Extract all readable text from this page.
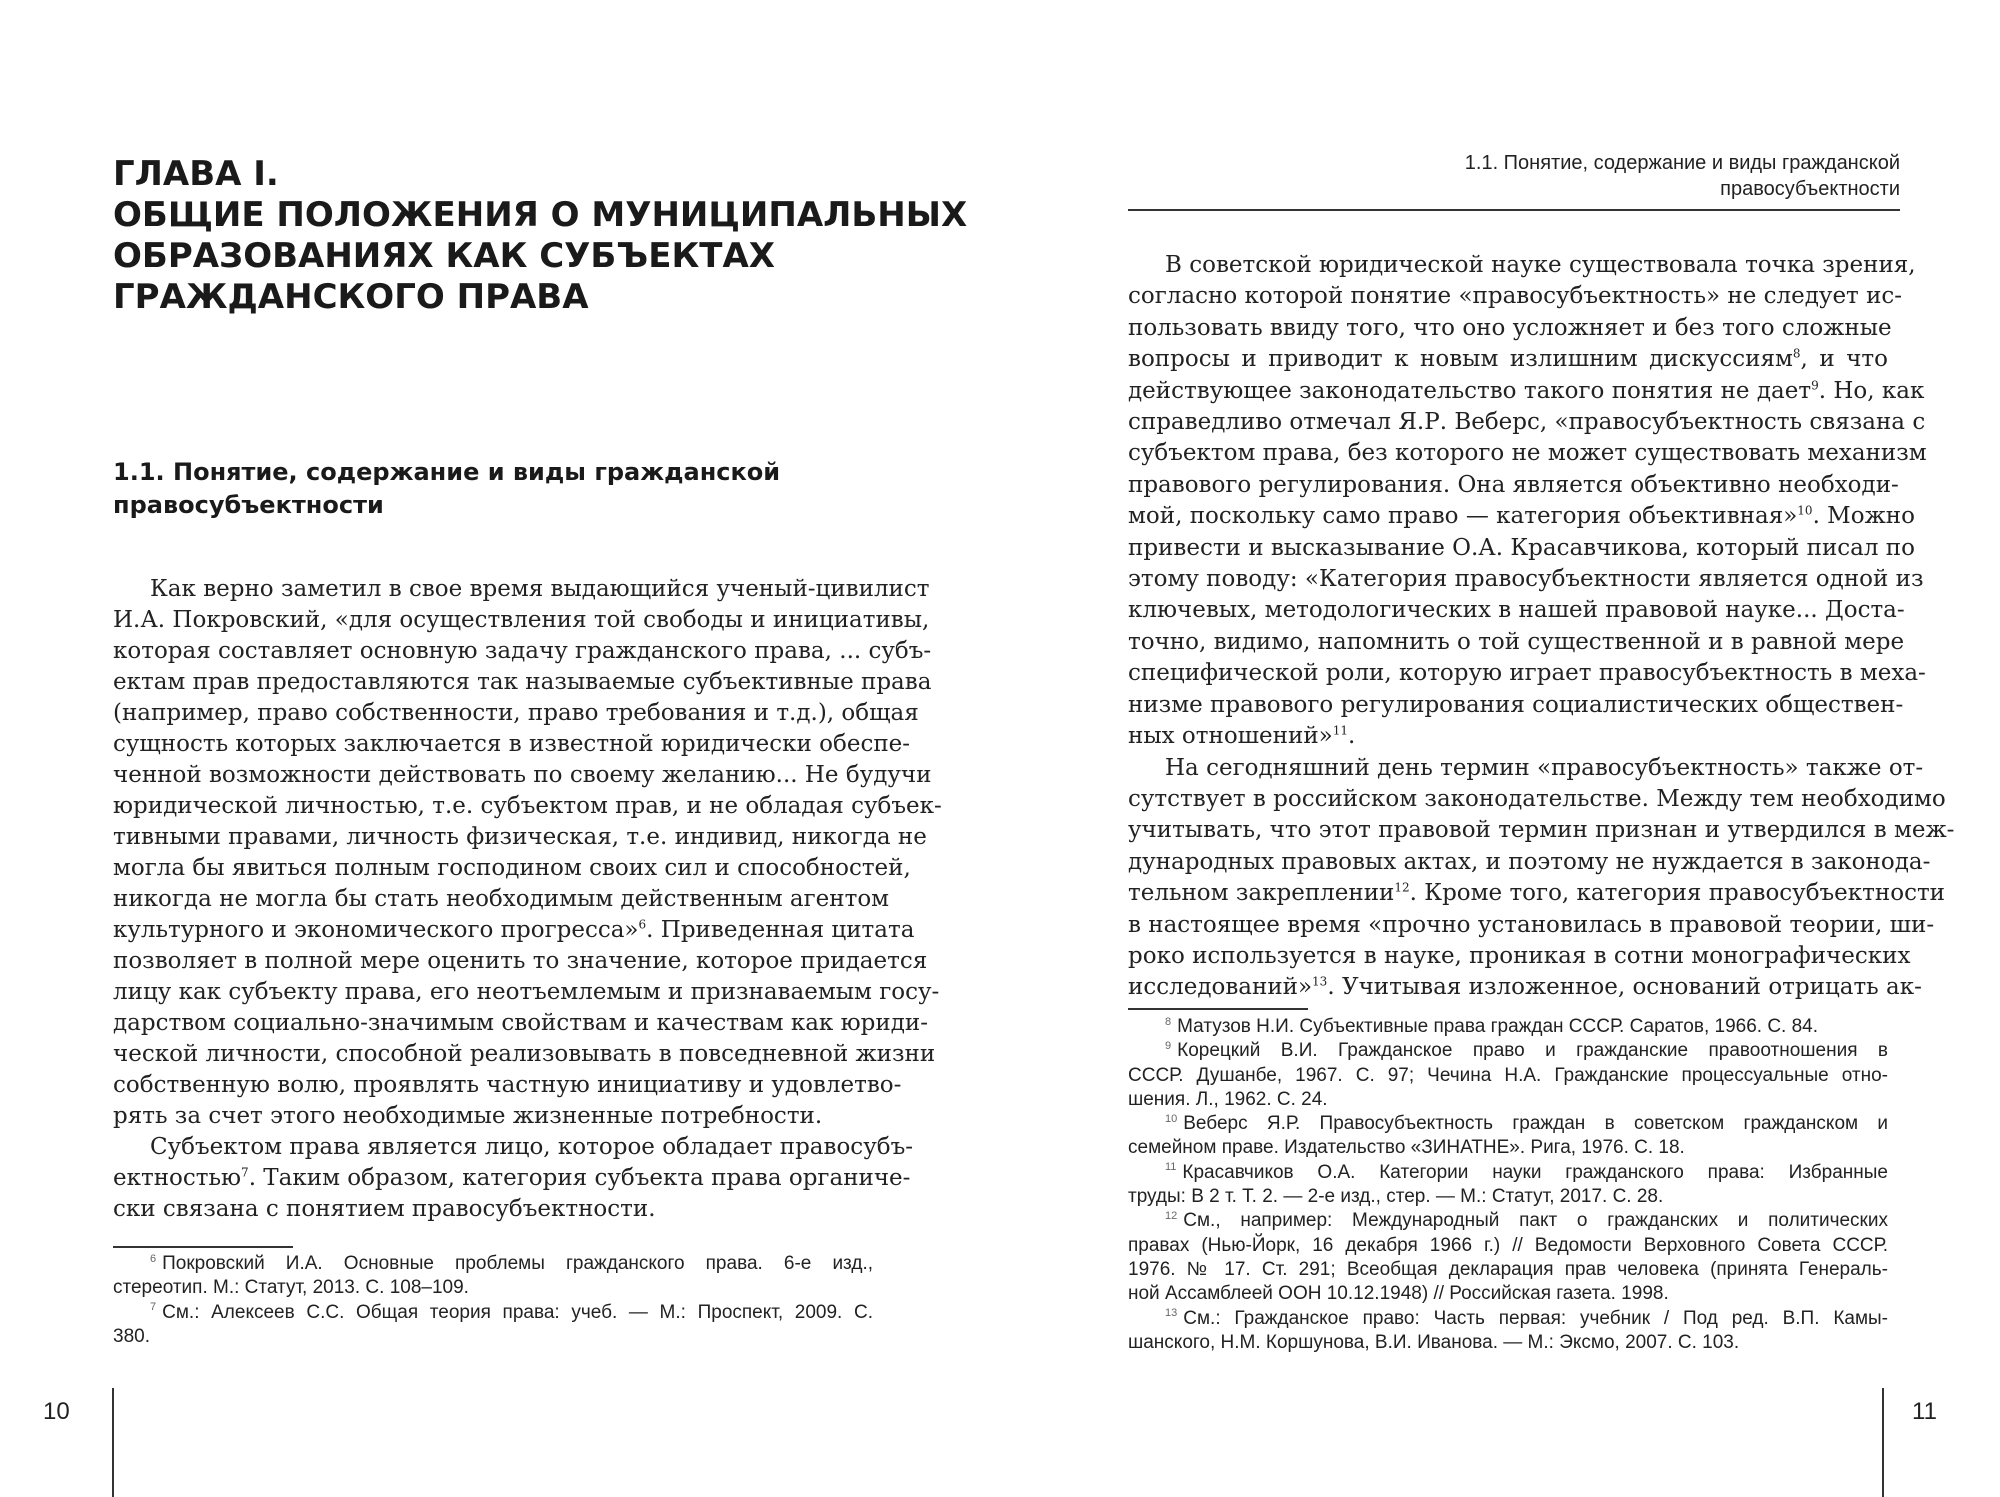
ГЛАВА I.
ОБЩИЕ ПОЛОЖЕНИЯ О МУНИЦИПАЛЬНЫХ
ОБРАЗОВАНИЯХ КАК СУБЪЕКТАХ
ГРАЖДАНСКОГО ПРАВА
1.1. Понятие, содержание и виды гражданской
правосубъектности
Как верно заметил в свое время выдающийся ученый-цивилист
И.А. Покровский, «для осуществления той свободы и инициативы,
которая составляет основную задачу гражданского права, ... субъ-
ектам прав предоставляются так называемые субъективные права
(например, право собственности, право требования и т.д.), общая
сущность которых заключается в известной юридически обеспе-
ченной возможности действовать по своему желанию... Не будучи
юридической личностью, т.е. субъектом прав, и не обладая субъек-
тивными правами, личность физическая, т.е. индивид, никогда не
могла бы явиться полным господином своих сил и способностей,
никогда не могла бы стать необходимым действенным агентом
культурного и экономического прогресса»$^6$. Приведенная цитата
позволяет в полной мере оценить то значение, которое придается
лицу как субъекту права, его неотъемлемым и признаваемым госу-
дарством социально-значимым свойствам и качествам как юриди-
ческой личности, способной реализовывать в повседневной жизни
собственную волю, проявлять частную инициативу и удовлетво-
рять за счет этого необходимые жизненные потребности.
Субъектом права является лицо, которое обладает правосубъ-
ектностью$^7$. Таким образом, категория субъекта права органиче-
ски связана с понятием правосубъектности.
$^6$ Покровский И.А. Основные проблемы гражданского права. 6-е изд.,
стереотип. М.: Статут, 2013. С. 108–109.
$^7$ См.: Алексеев С.С. Общая теория права: учеб. — М.: Проспект, 2009. С.
380.
10
1.1. Понятие, содержание и виды гражданской
правосубъектности
В советской юридической науке существовала точка зрения,
согласно которой понятие «правосубъектность» не следует ис-
пользовать ввиду того, что оно усложняет и без того сложные
вопросы и приводит к новым излишним дискуссиям$^8$, и что
действующее законодательство такого понятия не дает$^9$. Но, как
справедливо отмечал Я.Р. Веберс, «правосубъектность связана с
субъектом права, без которого не может существовать механизм
правового регулирования. Она является объективно необходи-
мой, поскольку само право — категория объективная»$^{10}$. Можно
привести и высказывание О.А. Красавчикова, который писал по
этому поводу: «Категория правосубъектности является одной из
ключевых, методологических в нашей правовой науке... Доста-
точно, видимо, напомнить о той существенной и в равной мере
специфической роли, которую играет правосубъектность в меха-
низме правового регулирования социалистических обществен-
ных отношений»$^{11}$.
На сегодняшний день термин «правосубъектность» также от-
сутствует в российском законодательстве. Между тем необходимо
учитывать, что этот правовой термин признан и утвердился в меж-
дународных правовых актах, и поэтому не нуждается в законода-
тельном закреплении$^{12}$. Кроме того, категория правосубъектности
в настоящее время «прочно установилась в правовой теории, ши-
роко используется в науке, проникая в сотни монографических
исследований»$^{13}$. Учитывая изложенное, оснований отрицать ак-
$^8$ Матузов Н.И. Субъективные права граждан СССР. Саратов, 1966. С. 84.
$^9$ Корецкий В.И. Гражданское право и гражданские правоотношения в
СССР. Душанбе, 1967. С. 97; Чечина Н.А. Гражданские процессуальные отно-
шения. Л., 1962. С. 24.
$^{10}$ Веберс Я.Р. Правосубъектность граждан в советском гражданском и
семейном праве. Издательство «ЗИНАТНЕ». Рига, 1976. С. 18.
$^{11}$ Красавчиков О.А. Категории науки гражданского права: Избранные
труды: В 2 т. Т. 2. — 2-е изд., стер. — М.: Статут, 2017. С. 28.
$^{12}$ См., например: Международный пакт о гражданских и политических
правах (Нью-Йорк, 16 декабря 1966 г.) // Ведомости Верховного Совета СССР.
1976. № 17. Ст. 291; Всеобщая декларация прав человека (принята Генераль-
ной Ассамблеей ООН 10.12.1948) // Российская газета. 1998.
$^{13}$ См.: Гражданское право: Часть первая: учебник / Под ред. В.П. Камы-
шанского, Н.М. Коршунова, В.И. Иванова. — М.: Эксмо, 2007. С. 103.
11
